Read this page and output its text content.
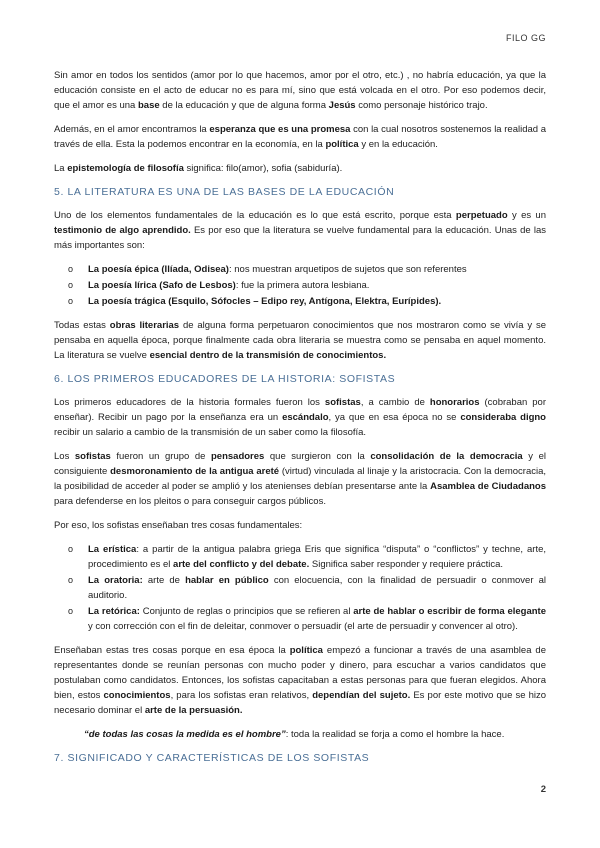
FILO GG

Sin amor en todos los sentidos (amor por lo que hacemos, amor por el otro, etc.) , no habría educación, ya que la educación consiste en el acto de educar no es para mí, sino que está volcada en el otro. Por eso podemos decir, que el amor es una base de la educación y que de alguna forma Jesús como personaje histórico trajo.

Además, en el amor encontramos la esperanza que es una promesa con la cual nosotros sostenemos la realidad a través de ella. Esta la podemos encontrar en la economía, en la política y en la educación.

La epistemología de filosofía significa: filo(amor), sofia (sabiduría).

5. LA LITERATURA ES UNA DE LAS BASES DE LA EDUCACIÓN

Uno de los elementos fundamentales de la educación es lo que está escrito, porque esta perpetuado y es un testimonio de algo aprendido. Es por eso que la literatura se vuelve fundamental para la educación. Unas de las más importantes son:

o La poesía épica (Ilíada, Odisea): nos muestran arquetipos de sujetos que son referentes
o La poesía lírica (Safo de Lesbos): fue la primera autora lesbiana.
o La poesía trágica (Esquilo, Sófocles – Edipo rey, Antígona, Elektra, Eurípides).

Todas estas obras literarias de alguna forma perpetuaron conocimientos que nos mostraron como se vivía y se pensaba en aquella época, porque finalmente cada obra literaria se muestra como se pensaba en aquel momento. La literatura se vuelve esencial dentro de la transmisión de conocimientos.

6. LOS PRIMEROS EDUCADORES DE LA HISTORIA: SOFISTAS

Los primeros educadores de la historia formales fueron los sofistas, a cambio de honorarios (cobraban por enseñar). Recibir un pago por la enseñanza era un escándalo, ya que en esa época no se consideraba digno recibir un salario a cambio de la transmisión de un saber como la filosofía.

Los sofistas fueron un grupo de pensadores que surgieron con la consolidación de la democracia y el consiguiente desmoronamiento de la antigua areté (virtud) vinculada al linaje y la aristocracia. Con la democracia, la posibilidad de acceder al poder se amplió y los atenienses debían presentarse ante la Asamblea de Ciudadanos para defenderse en los pleitos o para conseguir cargos públicos.

Por eso, los sofistas enseñaban tres cosas fundamentales:

o La erística: a partir de la antigua palabra griega Eris que significa “disputa” o “conflictos” y techne, arte, procedimiento es el arte del conflicto y del debate. Significa saber responder y requiere práctica.
o La oratoria: arte de hablar en público con elocuencia, con la finalidad de persuadir o conmover al auditorio.
o La retórica: Conjunto de reglas o principios que se refieren al arte de hablar o escribir de forma elegante y con corrección con el fin de deleitar, conmover o persuadir (el arte de persuadir y convencer al otro).

Enseñaban estas tres cosas porque en esa época la política empezó a funcionar a través de una asamblea de representantes donde se reunían personas con mucho poder y dinero, para escuchar a varios candidatos que postulaban como candidatos. Entonces, los sofistas capacitaban a estas personas para que fueran elegidos. Ahora bien, estos conocimientos, para los sofistas eran relativos, dependían del sujeto. Es por este motivo que se hizo necesario dominar el arte de la persuasión.

“de todas las cosas la medida es el hombre”: toda la realidad se forja a como el hombre la hace.

7. SIGNIFICADO Y CARACTERÍSTICAS DE LOS SOFISTAS
2
